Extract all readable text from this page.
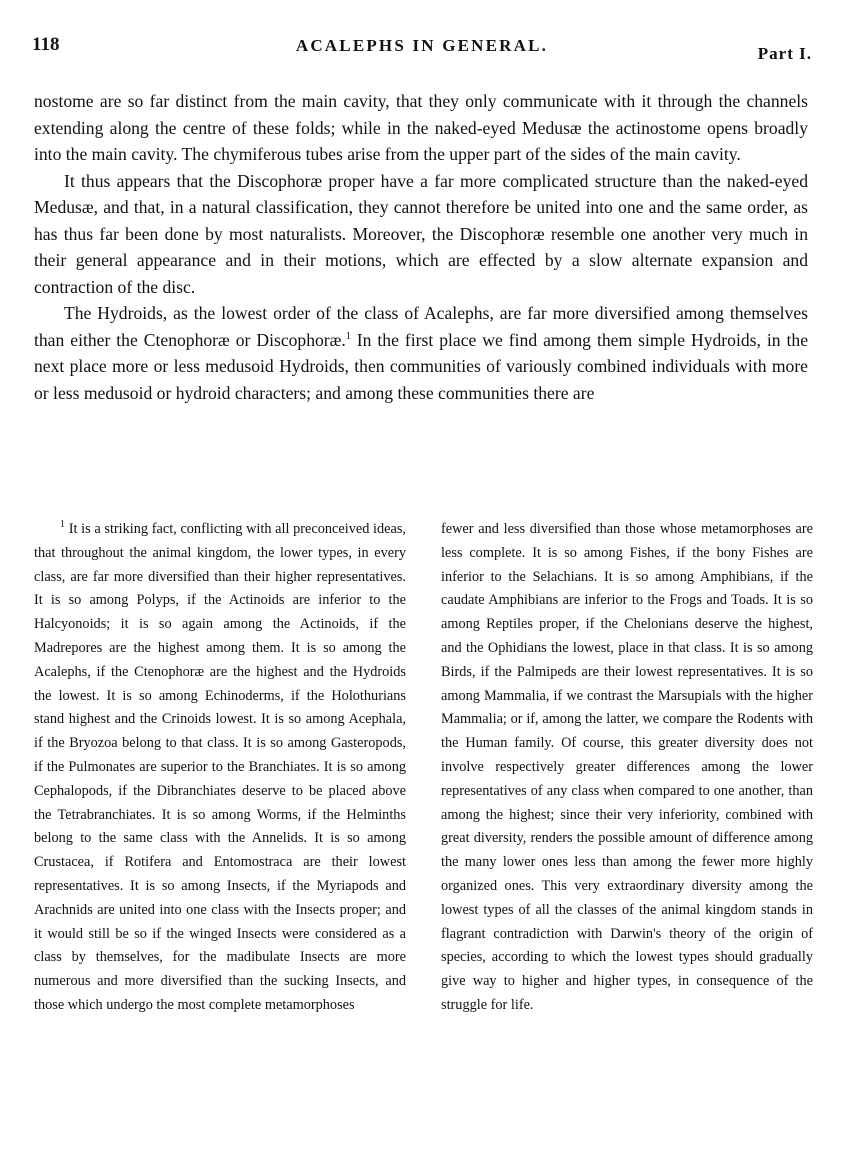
118	ACALEPHS IN GENERAL.	Part I.

nostome are so far distinct from the main cavity, that they only communicate with it through the channels extending along the centre of these folds; while in the naked-eyed Medusæ the actinostome opens broadly into the main cavity. The chymiferous tubes arise from the upper part of the sides of the main cavity.

It thus appears that the Discophoræ proper have a far more complicated structure than the naked-eyed Medusæ, and that, in a natural classification, they cannot therefore be united into one and the same order, as has thus far been done by most naturalists. Moreover, the Discophoræ resemble one another very much in their general appearance and in their motions, which are effected by a slow alternate expansion and contraction of the disc.

The Hydroids, as the lowest order of the class of Acalephs, are far more diversified among themselves than either the Ctenophoræ or Discophoræ.$^1$ In the first place we find among them simple Hydroids, in the next place more or less medusoid Hydroids, then communities of variously combined individuals with more or less medusoid or hydroid characters; and among these communities there are

$^1$ It is a striking fact, conflicting with all preconceived ideas, that throughout the animal kingdom, the lower types, in every class, are far more diversified than their higher representatives. It is so among Polyps, if the Actinoids are inferior to the Halcyonoids; it is so again among the Actinoids, if the Madrepores are the highest among them. It is so among the Acalephs, if the Ctenophoræ are the highest and the Hydroids the lowest. It is so among Echinoderms, if the Holothurians stand highest and the Crinoids lowest. It is so among Acephala, if the Bryozoa belong to that class. It is so among Gasteropods, if the Pulmonates are superior to the Branchiates. It is so among Cephalopods, if the Dibranchiates deserve to be placed above the Tetrabranchiates. It is so among Worms, if the Helminths belong to the same class with the Annelids. It is so among Crustacea, if Rotifera and Entomostraca are their lowest representatives. It is so among Insects, if the Myriapods and Arachnids are united into one class with the Insects proper; and it would still be so if the winged Insects were considered as a class by themselves, for the madibulate Insects are more numerous and more diversified than the sucking Insects, and those which undergo the most complete metamorphoses

fewer and less diversified than those whose metamorphoses are less complete. It is so among Fishes, if the bony Fishes are inferior to the Selachians. It is so among Amphibians, if the caudate Amphibians are inferior to the Frogs and Toads. It is so among Reptiles proper, if the Chelonians deserve the highest, and the Ophidians the lowest, place in that class. It is so among Birds, if the Palmipeds are their lowest representatives. It is so among Mammalia, if we contrast the Marsupials with the higher Mammalia; or if, among the latter, we compare the Rodents with the Human family. Of course, this greater diversity does not involve respectively greater differences among the lower representatives of any class when compared to one another, than among the highest; since their very inferiority, combined with great diversity, renders the possible amount of difference among the many lower ones less than among the fewer more highly organized ones. This very extraordinary diversity among the lowest types of all the classes of the animal kingdom stands in flagrant contradiction with Darwin's theory of the origin of species, according to which the lowest types should gradually give way to higher and higher types, in consequence of the struggle for life.
